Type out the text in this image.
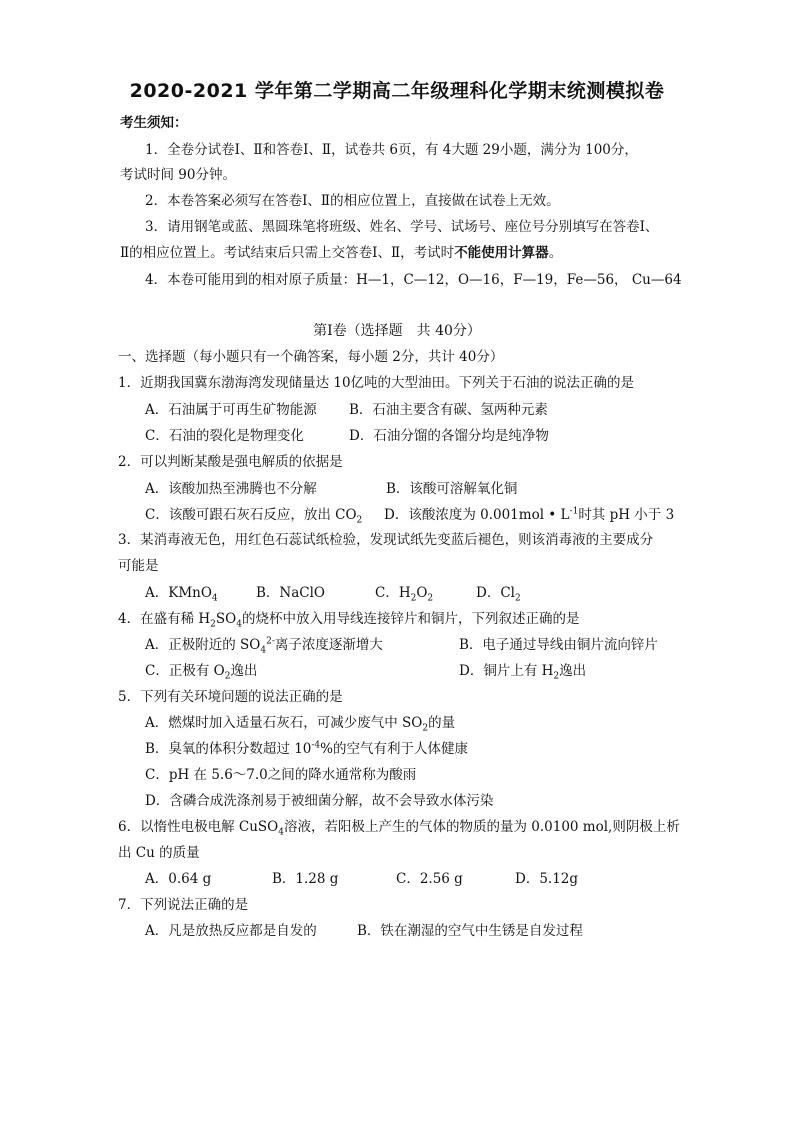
2020-2021 学年第二学期高二年级理科化学期末统测模拟卷
考生须知：
1．全卷分试卷Ⅰ、Ⅱ和答卷Ⅰ、Ⅱ，试卷共 6页，有 4大题 29小题，满分为 100分，
考试时间 90分钟。
2．本卷答案必须写在答卷Ⅰ、Ⅱ的相应位置上，直接做在试卷上无效。
3．请用钢笔或蓝、黑圆珠笔将班级、姓名、学号、试场号、座位号分别填写在答卷Ⅰ、
Ⅱ的相应位置上。考试结束后只需上交答卷Ⅰ、Ⅱ，考试时不能使用计算器。
4．本卷可能用到的相对原子质量：H—1，C—12，O—16，F—19，Fe—56， Cu—64
第Ⅰ卷（选择题　共 40分）
一、选择题（每小题只有一个确答案，每小题 2分，共计 40分）
1．近期我国冀东渤海湾发现储量达 10亿吨的大型油田。下列关于石油的说法正确的是
A．石油属于可再生矿物能源 B．石油主要含有碳、氢两种元素
C．石油的裂化是物理变化	D．石油分馏的各馏分均是纯净物
2．可以判断某酸是强电解质的依据是
A．该酸加热至沸腾也不分解	B．该酸可溶解氧化铜
C．该酸可跟石灰石反应，放出 $CO_2$ D．该酸浓度为 0.001mol • $L^{-1}$时其 pH 小于 3
3．某消毒液无色，用红色石蕊试纸检验，发现试纸先变蓝后褪色，则该消毒液的主要成分
可能是
A．KMnO$_4$	B．NaClO	C．$H_2O_2$	D．$Cl_2$
4．在盛有稀 $H_2SO_4$的烧杯中放入用导线连接锌片和铜片，下列叙述正确的是
A．正极附近的 $SO_4^{2-}$离子浓度逐渐增大	B．电子通过导线由铜片流向锌片
C．正极有 $O_2$逸出	D．铜片上有 $H_2$逸出
5．下列有关环境问题的说法正确的是
A．燃煤时加入适量石灰石，可减少废气中 $SO_2$的量
B．臭氧的体积分数超过 $10^{-4}\%$的空气有利于人体健康
C．pH 在 5.6～7.0之间的降水通常称为酸雨
D．含磷合成洗涤剂易于被细菌分解，故不会导致水体污染
6．以惰性电极电解 CuSO$_4$溶液，若阳极上产生的气体的物质的量为 0.0100 mol,则阴极上析
出 Cu 的质量
A．0.64 g	B．1.28 g	C．2.56 g	D．5.12g
7．下列说法正确的是
A．凡是放热反应都是自发的	B．铁在潮湿的空气中生锈是自发过程
